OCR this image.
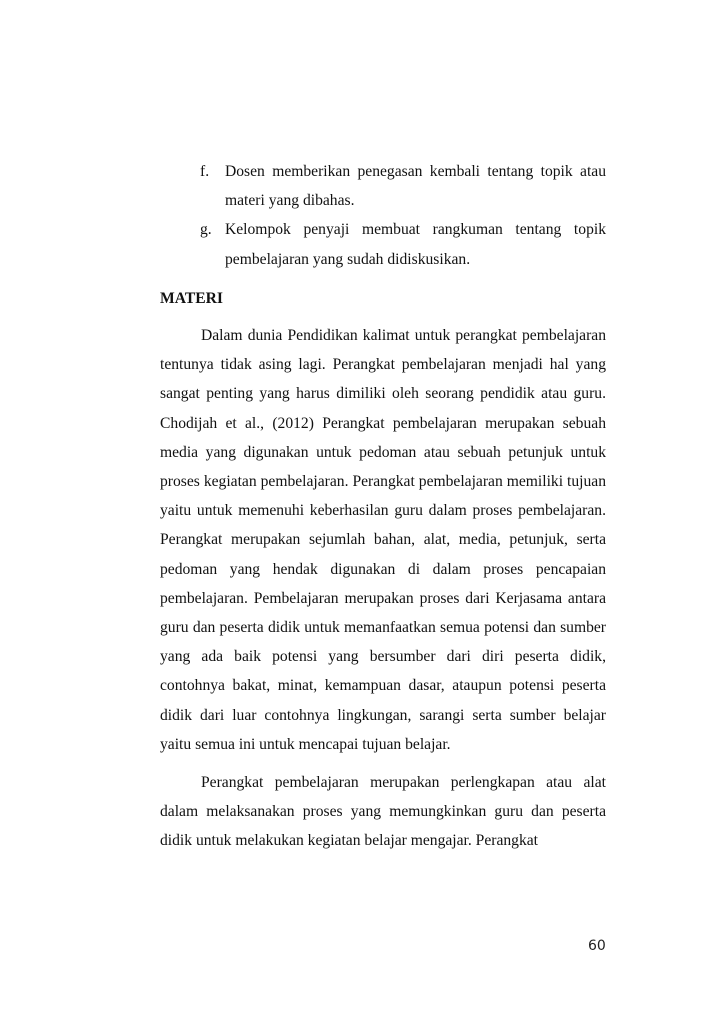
f. Dosen memberikan penegasan kembali tentang topik atau materi yang dibahas.
g. Kelompok penyaji membuat rangkuman tentang topik pembelajaran yang sudah didiskusikan.
MATERI

Dalam dunia Pendidikan kalimat untuk perangkat pembelajaran tentunya tidak asing lagi. Perangkat pembelajaran menjadi hal yang sangat penting yang harus dimiliki oleh seorang pendidik atau guru. Chodijah et al., (2012) Perangkat pembelajaran merupakan sebuah media yang digunakan untuk pedoman atau sebuah petunjuk untuk proses kegiatan pembelajaran. Perangkat pembelajaran memiliki tujuan yaitu untuk memenuhi keberhasilan guru dalam proses pembelajaran. Perangkat merupakan sejumlah bahan, alat, media, petunjuk, serta pedoman yang hendak digunakan di dalam proses pencapaian pembelajaran. Pembelajaran merupakan proses dari Kerjasama antara guru dan peserta didik untuk memanfaatkan semua potensi dan sumber yang ada baik potensi yang bersumber dari diri peserta didik, contohnya bakat, minat, kemampuan dasar, ataupun potensi peserta didik dari luar contohnya lingkungan, sarangi serta sumber belajar yaitu semua ini untuk mencapai tujuan belajar.

Perangkat pembelajaran merupakan perlengkapan atau alat dalam melaksanakan proses yang memungkinkan guru dan peserta didik untuk melakukan kegiatan belajar mengajar. Perangkat

60
